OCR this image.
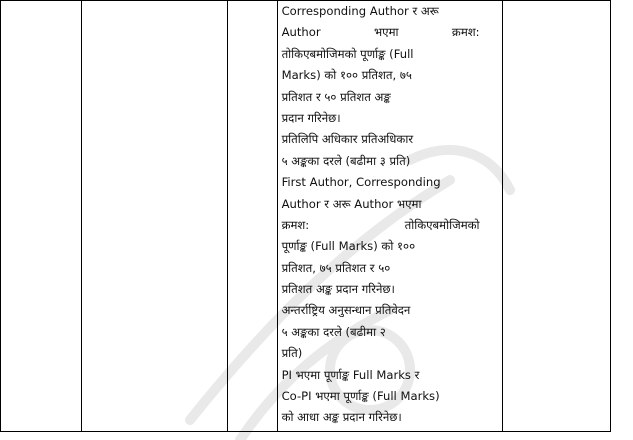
Corresponding Author र अरू
Author	भएमा	क्रमश:
तोकिएबमोजिमको पूर्णाङ्क (Full
Marks) को १०० प्रतिशत, ७५
प्रतिशत र ५० प्रतिशत अङ्क
प्रदान गरिनेछ।
प्रतिलिपि अधिकार प्रतिअधिकार
५ अङ्कका दरले (बढीमा ३ प्रति)
First Author, Corresponding
Author र अरू Author भएमा
क्रमश:	तोकिएबमोजिमको
पूर्णाङ्क (Full Marks) को १००
प्रतिशत, ७५ प्रतिशत र ५०
प्रतिशत अङ्क प्रदान गरिनेछ।
अन्तर्राष्ट्रिय अनुसन्धान प्रतिवेदन
५ अङ्कका दरले (बढीमा २
प्रति)
PI भएमा पूर्णाङ्क Full Marks र
Co-PI भएमा पूर्णाङ्क (Full Marks)
को आधा अङ्क प्रदान गरिनेछ।
